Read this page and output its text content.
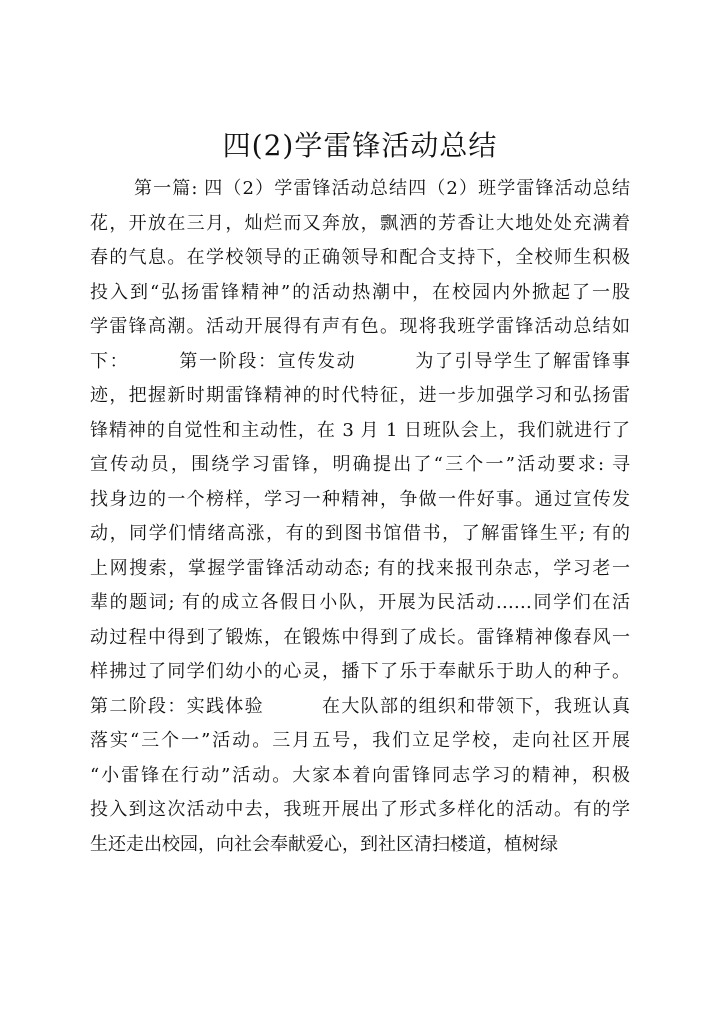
四(2)学雷锋活动总结
第一篇: 四（2）学雷锋活动总结四（2）班学雷锋活动总结
花，开放在三月，灿烂而又奔放，飘洒的芳香让大地处处充满着
春的气息。在学校领导的正确领导和配合支持下，全校师生积极
投入到“弘扬雷锋精神”的活动热潮中，在校园内外掀起了一股
学雷锋高潮。活动开展得有声有色。现将我班学雷锋活动总结如
下：　　　第一阶段：宣传发动　　　为了引导学生了解雷锋事
迹，把握新时期雷锋精神的时代特征，进一步加强学习和弘扬雷
锋精神的自觉性和主动性，在 3 月 1 日班队会上，我们就进行了
宣传动员，围绕学习雷锋，明确提出了“三个一”活动要求: 寻
找身边的一个榜样，学习一种精神，争做一件好事。通过宣传发
动，同学们情绪高涨，有的到图书馆借书，了解雷锋生平; 有的
上网搜索，掌握学雷锋活动动态; 有的找来报刊杂志，学习老一
辈的题词; 有的成立各假日小队，开展为民活动……同学们在活
动过程中得到了锻炼，在锻炼中得到了成长。雷锋精神像春风一
样拂过了同学们幼小的心灵，播下了乐于奉献乐于助人的种子。
第二阶段：实践体验　　　在大队部的组织和带领下，我班认真
落实“三个一”活动。三月五号，我们立足学校，走向社区开展
“小雷锋在行动”活动。大家本着向雷锋同志学习的精神，积极
投入到这次活动中去，我班开展出了形式多样化的活动。有的学
生还走出校园，向社会奉献爱心，到社区清扫楼道，植树绿
